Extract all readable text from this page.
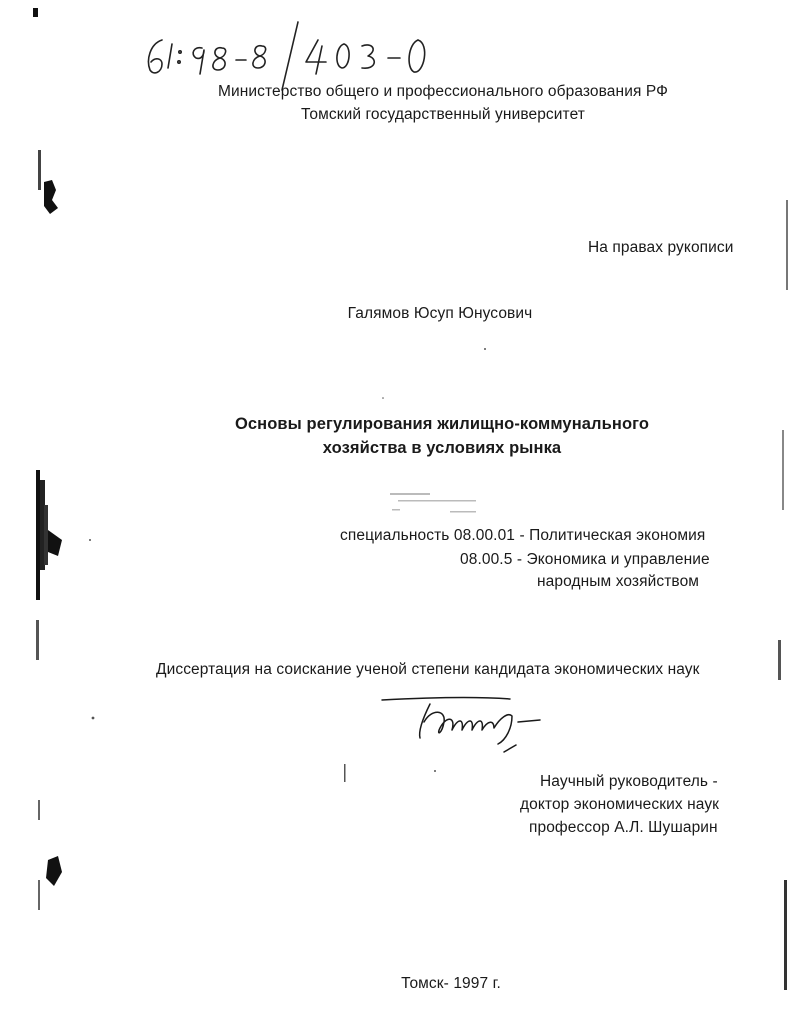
Министерство общего и профессионального образования РФ
Томский государственный университет
На правах рукописи
Галямов Юсуп Юнусович
Основы регулирования жилищно-коммунального
хозяйства в условиях рынка
специальность 08.00.01 - Политическая экономия
08.00.5 - Экономика и управление
народным хозяйством
Диссертация на соискание ученой степени кандидата экономических наук
Научный руководитель -
доктор экономических наук
профессор А.Л. Шушарин
Томск- 1997 г.
